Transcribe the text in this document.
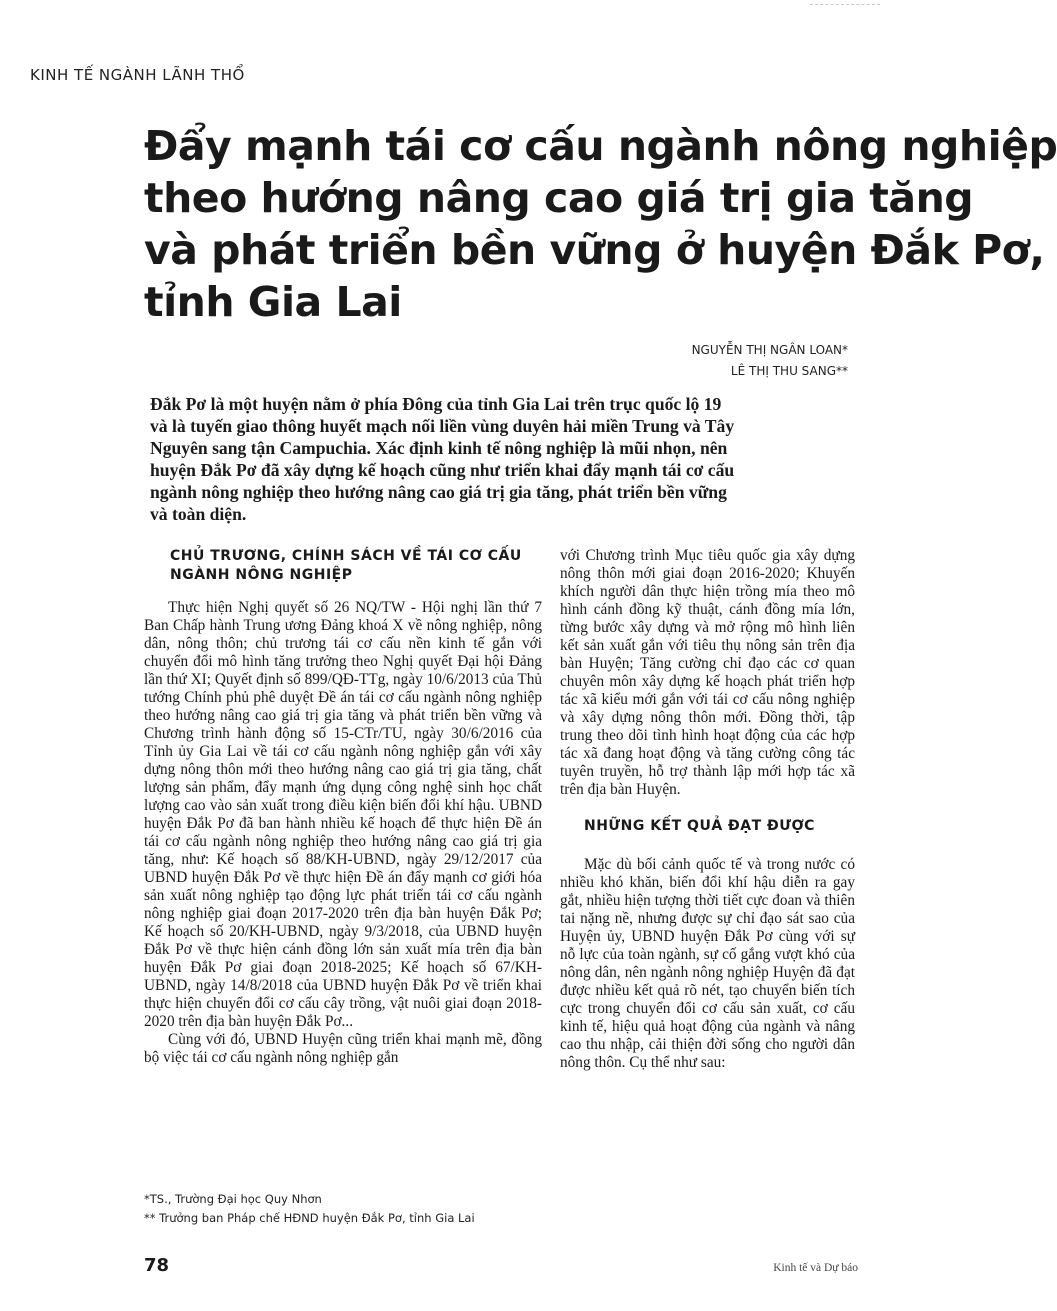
KINH TẾ NGÀNH LÃNH THỔ
Đẩy mạnh tái cơ cấu ngành nông nghiệp
theo hướng nâng cao giá trị gia tăng
và phát triển bền vững ở huyện Đắk Pơ,
tỉnh Gia Lai
NGUYỄN THỊ NGÂN LOAN*
LÊ THỊ THU SANG**

Đắk Pơ là một huyện nằm ở phía Đông của tỉnh Gia Lai trên trục quốc lộ 19
và là tuyến giao thông huyết mạch nối liền vùng duyên hải miền Trung và Tây
Nguyên sang tận Campuchia. Xác định kinh tế nông nghiệp là mũi nhọn, nên
huyện Đắk Pơ đã xây dựng kế hoạch cũng như triển khai đẩy mạnh tái cơ cấu
ngành nông nghiệp theo hướng nâng cao giá trị gia tăng, phát triển bền vững
và toàn diện.

CHỦ TRƯƠNG, CHÍNH SÁCH VỀ TÁI CƠ CẤU NGÀNH NÔNG NGHIỆP

Thực hiện Nghị quyết số 26 NQ/TW - Hội nghị lần thứ 7 Ban Chấp hành Trung ương Đảng khoá X về nông nghiệp, nông dân, nông thôn; chủ trương tái cơ cấu nền kinh tế gắn với chuyển đổi mô hình tăng trưởng theo Nghị quyết Đại hội Đảng lần thứ XI; Quyết định số 899/QĐ-TTg, ngày 10/6/2013 của Thủ tướng Chính phủ phê duyệt Đề án tái cơ cấu ngành nông nghiệp theo hướng nâng cao giá trị gia tăng và phát triển bền vững và Chương trình hành động số 15-CTr/TU, ngày 30/6/2016 của Tỉnh ủy Gia Lai về tái cơ cấu ngành nông nghiệp gắn với xây dựng nông thôn mới theo hướng nâng cao giá trị gia tăng, chất lượng sản phẩm, đẩy mạnh ứng dụng công nghệ sinh học chất lượng cao vào sản xuất trong điều kiện biến đổi khí hậu. UBND huyện Đắk Pơ đã ban hành nhiều kế hoạch để thực hiện Đề án tái cơ cấu ngành nông nghiệp theo hướng nâng cao giá trị gia tăng, như: Kế hoạch số 88/KH-UBND, ngày 29/12/2017 của UBND huyện Đắk Pơ về thực hiện Đề án đẩy mạnh cơ giới hóa sản xuất nông nghiệp tạo động lực phát triển tái cơ cấu ngành nông nghiệp giai đoạn 2017-2020 trên địa bàn huyện Đắk Pơ; Kế hoạch số 20/KH-UBND, ngày 9/3/2018, của UBND huyện Đắk Pơ về thực hiện cánh đồng lớn sản xuất mía trên địa bàn huyện Đắk Pơ giai đoạn 2018-2025; Kế hoạch số 67/KH-UBND, ngày 14/8/2018 của UBND huyện Đắk Pơ về triển khai thực hiện chuyển đổi cơ cấu cây trồng, vật nuôi giai đoạn 2018-2020 trên địa bàn huyện Đắk Pơ...

Cùng với đó, UBND Huyện cũng triển khai mạnh mẽ, đồng bộ việc tái cơ cấu ngành nông nghiệp gắn

với Chương trình Mục tiêu quốc gia xây dựng nông thôn mới giai đoạn 2016-2020; Khuyến khích người dân thực hiện trồng mía theo mô hình cánh đồng kỹ thuật, cánh đồng mía lớn, từng bước xây dựng và mở rộng mô hình liên kết sản xuất gắn với tiêu thụ nông sản trên địa bàn Huyện; Tăng cường chỉ đạo các cơ quan chuyên môn xây dựng kế hoạch phát triển hợp tác xã kiểu mới gắn với tái cơ cấu nông nghiệp và xây dựng nông thôn mới. Đồng thời, tập trung theo dõi tình hình hoạt động của các hợp tác xã đang hoạt động và tăng cường công tác tuyên truyền, hỗ trợ thành lập mới hợp tác xã trên địa bàn Huyện.

NHỮNG KẾT QUẢ ĐẠT ĐƯỢC

Mặc dù bối cảnh quốc tế và trong nước có nhiều khó khăn, biến đổi khí hậu diễn ra gay gắt, nhiều hiện tượng thời tiết cực đoan và thiên tai nặng nề, nhưng được sự chỉ đạo sát sao của Huyện ủy, UBND huyện Đắk Pơ cùng với sự nỗ lực của toàn ngành, sự cố gắng vượt khó của nông dân, nên ngành nông nghiệp Huyện đã đạt được nhiều kết quả rõ nét, tạo chuyển biến tích cực trong chuyển đổi cơ cấu sản xuất, cơ cấu kinh tế, hiệu quả hoạt động của ngành và nâng cao thu nhập, cải thiện đời sống cho người dân nông thôn. Cụ thể như sau:

*TS., Trường Đại học Quy Nhơn
** Trưởng ban Pháp chế HĐND huyện Đắk Pơ, tỉnh Gia Lai
78	Kinh tế và Dự báo
